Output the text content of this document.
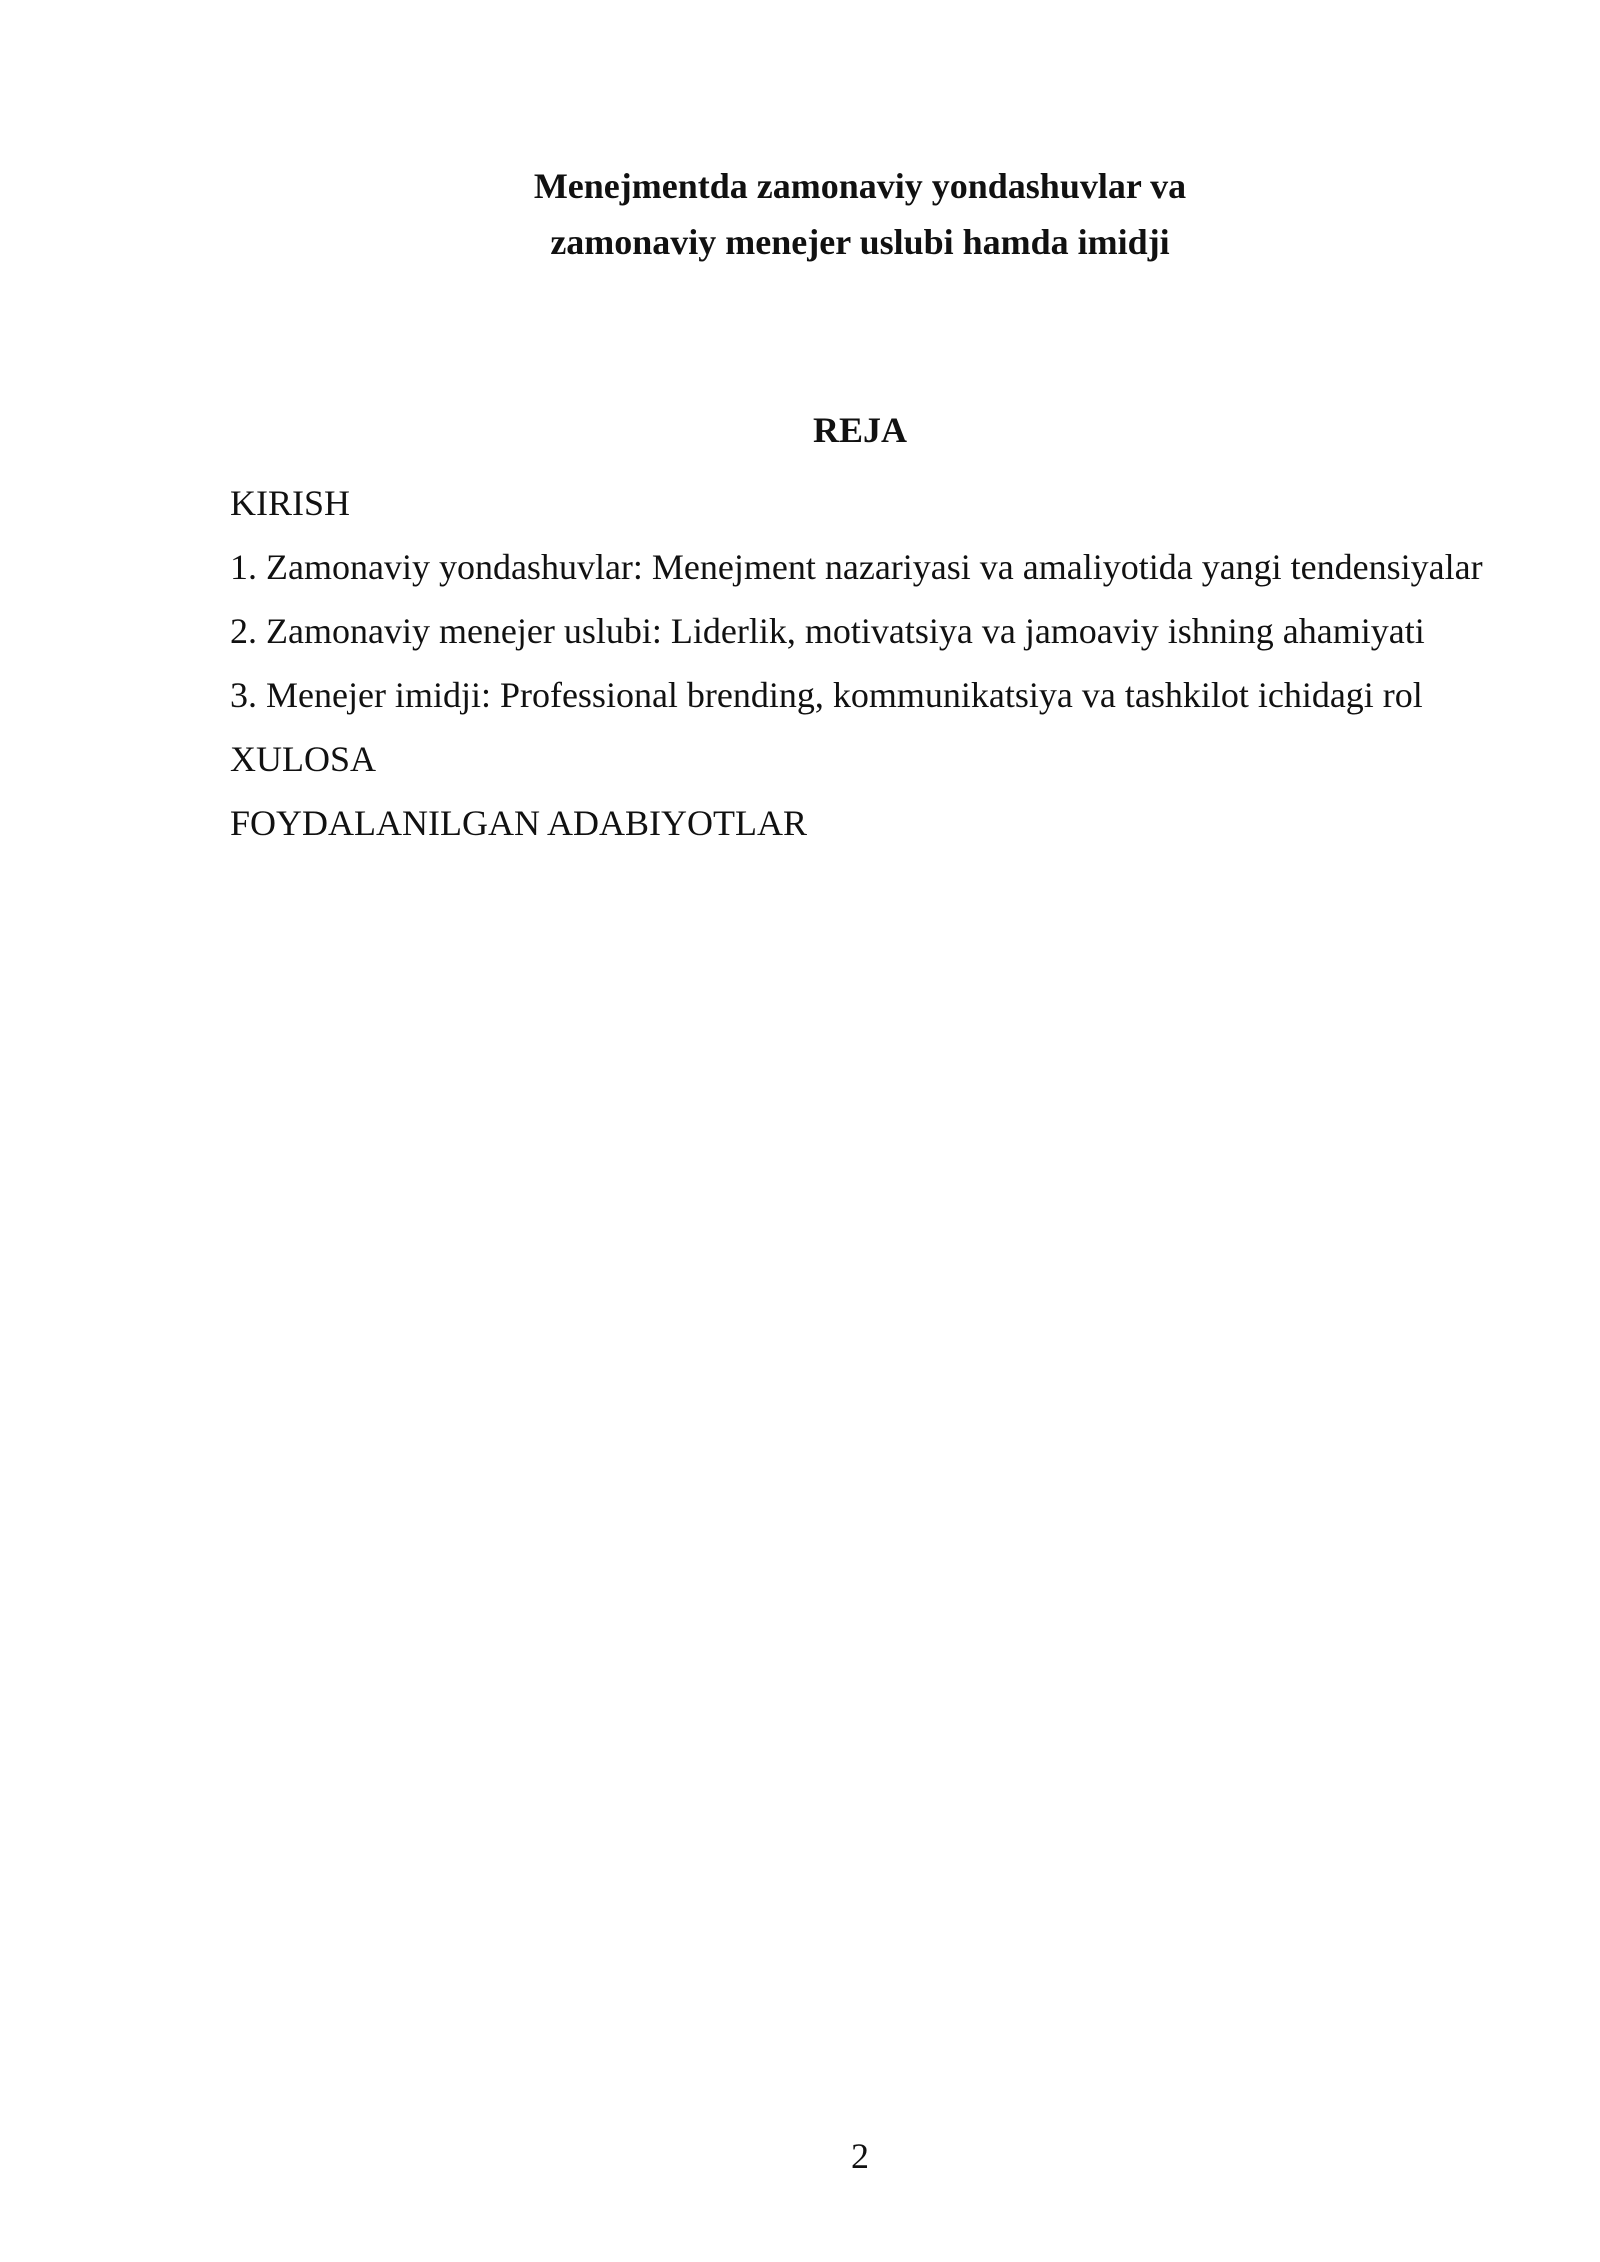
Menejmentda zamonaviy yondashuvlar va
zamonaviy menejer uslubi hamda imidji
REJA
KIRISH
1. Zamonaviy yondashuvlar: Menejment nazariyasi va amaliyotida yangi tendensiyalar
2. Zamonaviy menejer uslubi: Liderlik, motivatsiya va jamoaviy ishning ahamiyati
3. Menejer imidji: Professional brending, kommunikatsiya va tashkilot ichidagi rol
XULOSA
FOYDALANILGAN ADABIYOTLAR
2
